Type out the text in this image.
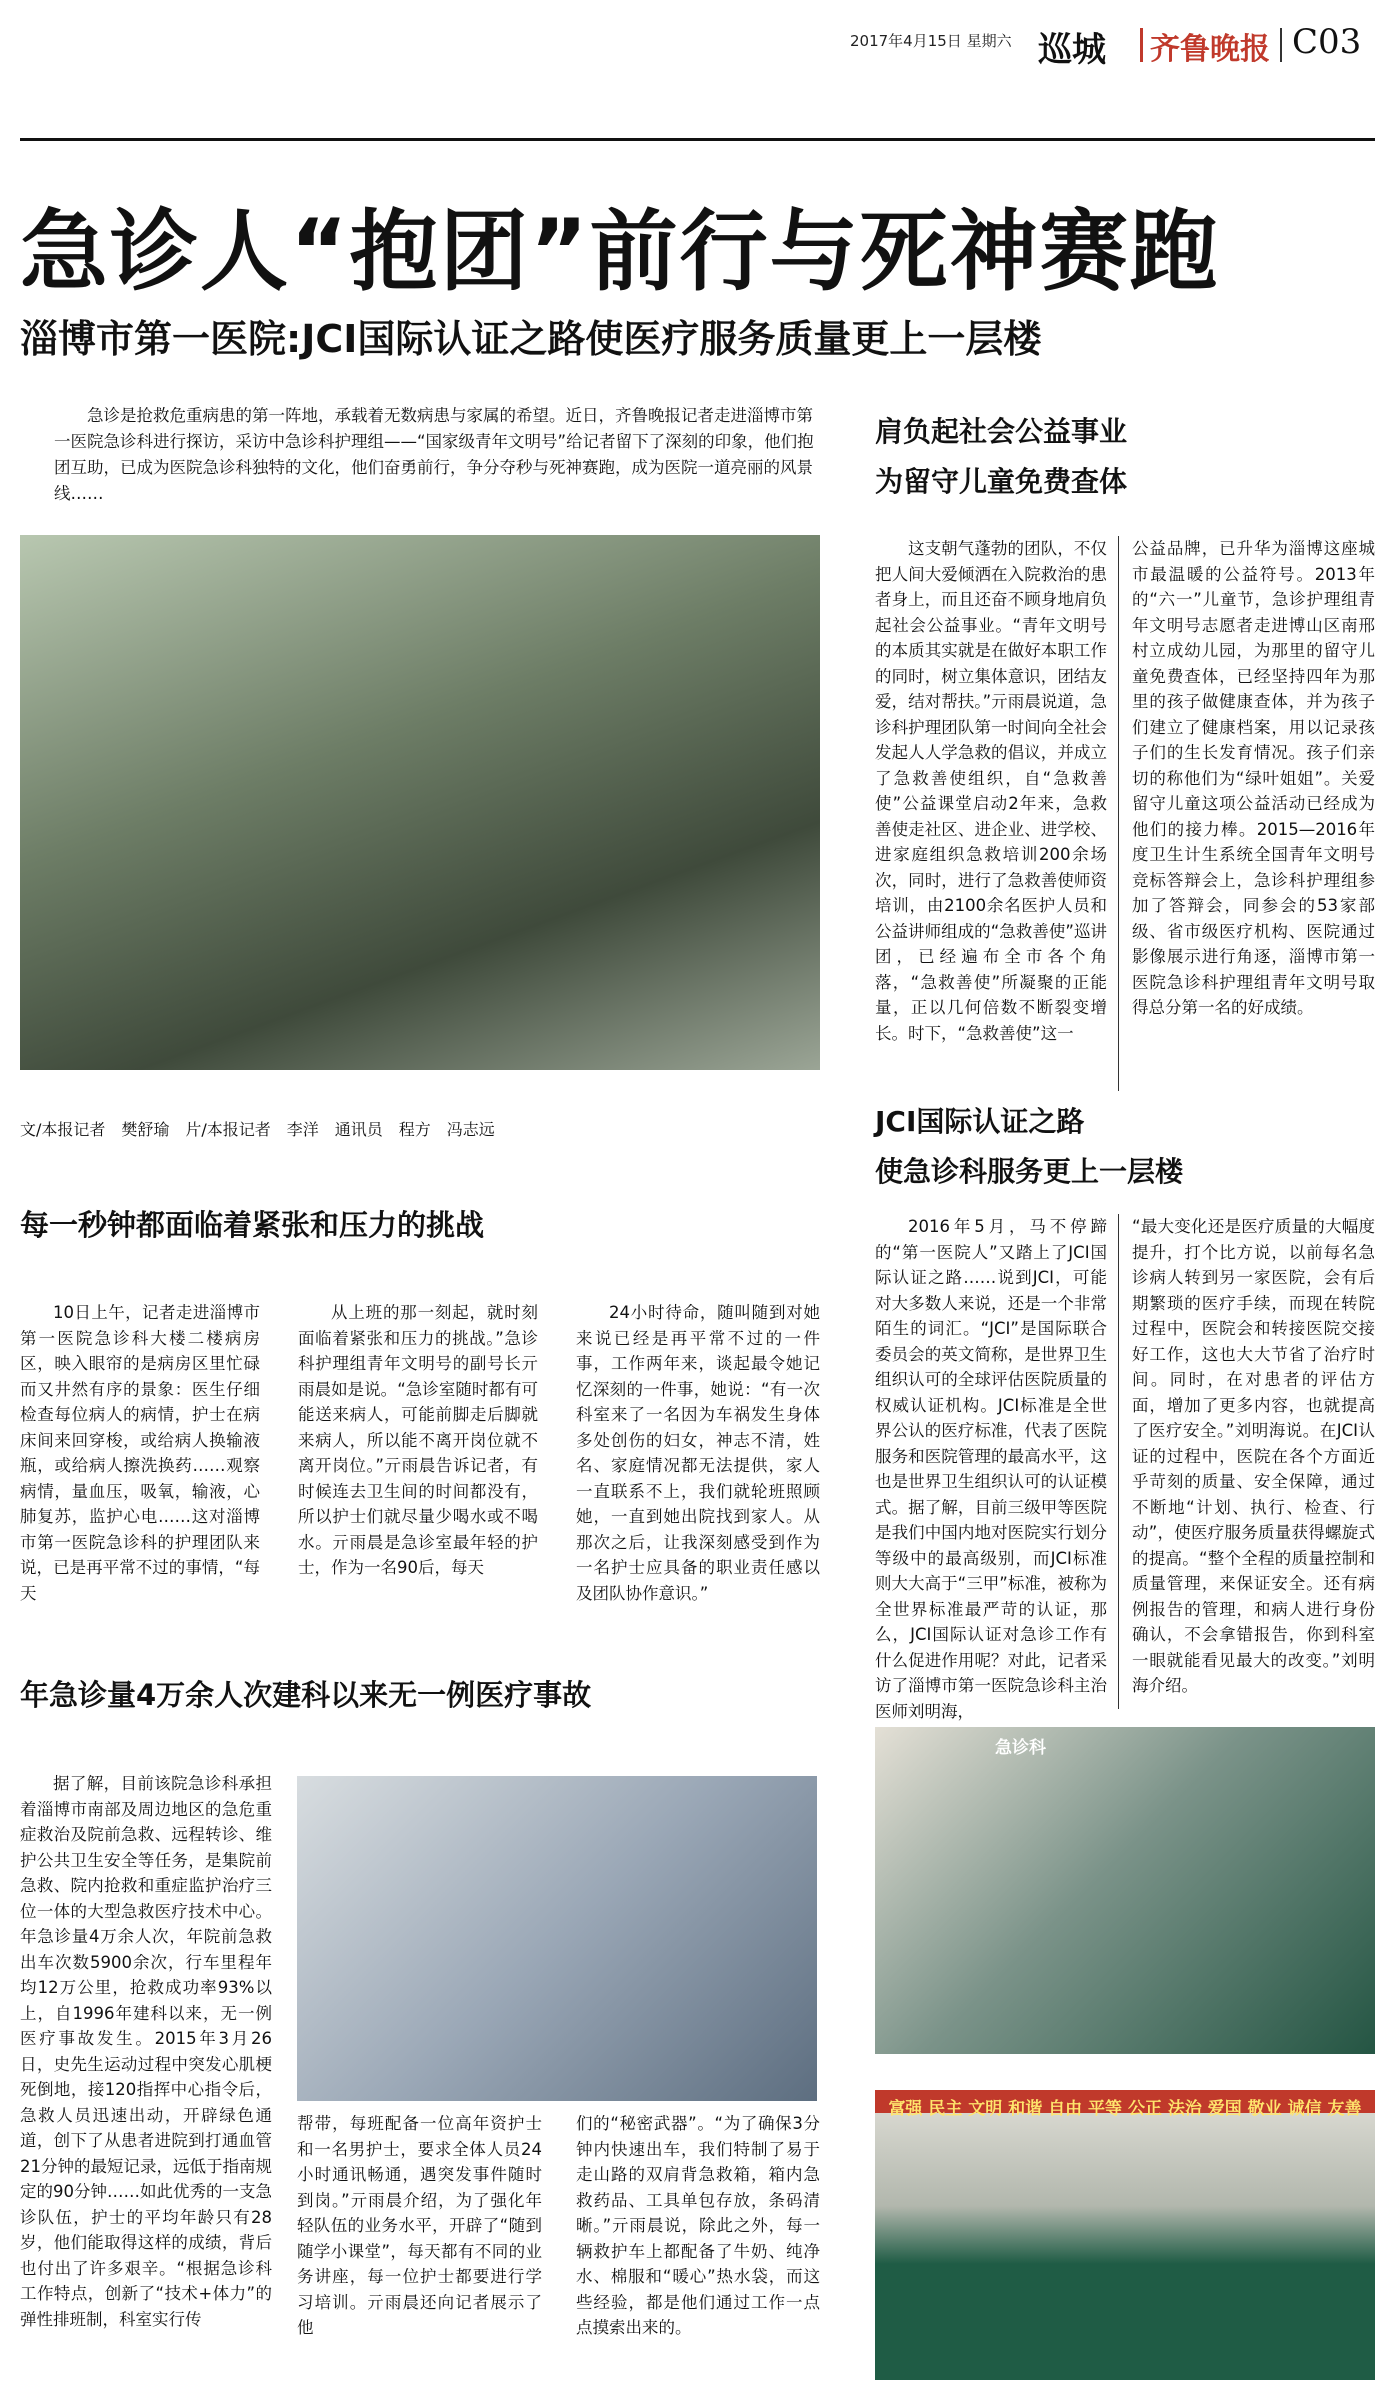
2017年4月15日 星期六 巡城 齐鲁晚报 C03
急诊人“抱团”前行与死神赛跑
淄博市第一医院:JCI国际认证之路使医疗服务质量更上一层楼
急诊是抢救危重病患的第一阵地，承载着无数病患与家属的希望。近日，齐鲁晚报记者走进淄博市第一医院急诊科进行探访，采访中急诊科护理组——“国家级青年文明号”给记者留下了深刻的印象，他们抱团互助，已成为医院急诊科独特的文化，他们奋勇前行，争分夺秒与死神赛跑，成为医院一道亮丽的风景线……
文/本报记者　樊舒瑜　片/本报记者　李洋　通讯员　程方　冯志远
每一秒钟都面临着紧张和压力的挑战
10日上午，记者走进淄博市第一医院急诊科大楼二楼病房区，映入眼帘的是病房区里忙碌而又井然有序的景象：医生仔细检查每位病人的病情，护士在病床间来回穿梭，或给病人换输液瓶，或给病人擦洗换药……观察病情，量血压，吸氧，输液，心肺复苏，监护心电……这对淄博市第一医院急诊科的护理团队来说，已是再平常不过的事情，“每天
从上班的那一刻起，就时刻面临着紧张和压力的挑战。”急诊科护理组青年文明号的副号长亓雨晨如是说。“急诊室随时都有可能送来病人，可能前脚走后脚就来病人，所以能不离开岗位就不离开岗位。”亓雨晨告诉记者，有时候连去卫生间的时间都没有，所以护士们就尽量少喝水或不喝水。亓雨晨是急诊室最年轻的护士，作为一名90后，每天
24小时待命，随叫随到对她来说已经是再平常不过的一件事，工作两年来，谈起最令她记忆深刻的一件事，她说：“有一次科室来了一名因为车祸发生身体多处创伤的妇女，神志不清，姓名、家庭情况都无法提供，家人一直联系不上，我们就轮班照顾她，一直到她出院找到家人。从那次之后，让我深刻感受到作为一名护士应具备的职业责任感以及团队协作意识。”
年急诊量4万余人次建科以来无一例医疗事故
据了解，目前该院急诊科承担着淄博市南部及周边地区的急危重症救治及院前急救、远程转诊、维护公共卫生安全等任务，是集院前急救、院内抢救和重症监护治疗三位一体的大型急救医疗技术中心。年急诊量4万余人次，年院前急救出车次数5900余次，行车里程年均12万公里，抢救成功率93%以上，自1996年建科以来，无一例医疗事故发生。2015年3月26日，史先生运动过程中突发心肌梗死倒地，接120指挥中心指令后，急救人员迅速出动，开辟绿色通道，创下了从患者进院到打通血管21分钟的最短记录，远低于指南规定的90分钟……如此优秀的一支急诊队伍，护士的平均年龄只有28岁，他们能取得这样的成绩，背后也付出了许多艰辛。“根据急诊科工作特点，创新了“技术+体力”的弹性排班制，科室实行传
帮带，每班配备一位高年资护士和一名男护士，要求全体人员24小时通讯畅通，遇突发事件随时到岗。”亓雨晨介绍，为了强化年轻队伍的业务水平，开辟了“随到随学小课堂”，每天都有不同的业务讲座，每一位护士都要进行学习培训。亓雨晨还向记者展示了他
们的“秘密武器”。“为了确保3分钟内快速出车，我们特制了易于走山路的双肩背急救箱，箱内急救药品、工具单包存放，条码清晰。”亓雨晨说，除此之外，每一辆救护车上都配备了牛奶、纯净水、棉服和“暖心”热水袋，而这些经验，都是他们通过工作一点点摸索出来的。
肩负起社会公益事业
为留守儿童免费查体
这支朝气蓬勃的团队，不仅把人间大爱倾洒在入院救治的患者身上，而且还奋不顾身地肩负起社会公益事业。“青年文明号的本质其实就是在做好本职工作的同时，树立集体意识，团结友爱，结对帮扶。”亓雨晨说道，急诊科护理团队第一时间向全社会发起人人学急救的倡议，并成立了急救善使组织，自“急救善使”公益课堂启动2年来，急救善使走社区、进企业、进学校、进家庭组织急救培训200余场次，同时，进行了急救善使师资培训，由2100余名医护人员和公益讲师组成的“急救善使”巡讲团，已经遍布全市各个角落，“急救善使”所凝聚的正能量，正以几何倍数不断裂变增长。时下，“急救善使”这一
公益品牌，已升华为淄博这座城市最温暖的公益符号。2013年的“六一”儿童节，急诊护理组青年文明号志愿者走进博山区南邢村立成幼儿园，为那里的留守儿童免费查体，已经坚持四年为那里的孩子做健康查体，并为孩子们建立了健康档案，用以记录孩子们的生长发育情况。孩子们亲切的称他们为“绿叶姐姐”。关爱留守儿童这项公益活动已经成为他们的接力棒。2015—2016年度卫生计生系统全国青年文明号竞标答辩会上，急诊科护理组参加了答辩会，同参会的53家部级、省市级医疗机构、医院通过影像展示进行角逐，淄博市第一医院急诊科护理组青年文明号取得总分第一名的好成绩。
JCI国际认证之路
使急诊科服务更上一层楼
2016年5月，马不停蹄的“第一医院人”又踏上了JCI国际认证之路……说到JCI，可能对大多数人来说，还是一个非常陌生的词汇。“JCI”是国际联合委员会的英文简称，是世界卫生组织认可的全球评估医院质量的权威认证机构。JCI标准是全世界公认的医疗标准，代表了医院服务和医院管理的最高水平，这也是世界卫生组织认可的认证模式。据了解，目前三级甲等医院是我们中国内地对医院实行划分等级中的最高级别，而JCI标准则大大高于“三甲”标准，被称为全世界标准最严苛的认证，那么，JCI国际认证对急诊工作有什么促进作用呢？对此，记者采访了淄博市第一医院急诊科主治医师刘明海，
“最大变化还是医疗质量的大幅度提升，打个比方说，以前每名急诊病人转到另一家医院，会有后期繁琐的医疗手续，而现在转院过程中，医院会和转接医院交接好工作，这也大大节省了治疗时间。同时，在对患者的评估方面，增加了更多内容，也就提高了医疗安全。”刘明海说。在JCI认证的过程中，医院在各个方面近乎苛刻的质量、安全保障，通过不断地“计划、执行、检查、行动”，使医疗服务质量获得螺旋式的提高。“整个全程的质量控制和质量管理，来保证安全。还有病例报告的管理，和病人进行身份确认，不会拿错报告，你到科室一眼就能看见最大的改变。”刘明海介绍。
急诊科
富强 民主 文明 和谐 自由 平等 公正 法治 爱国 敬业 诚信 友善
